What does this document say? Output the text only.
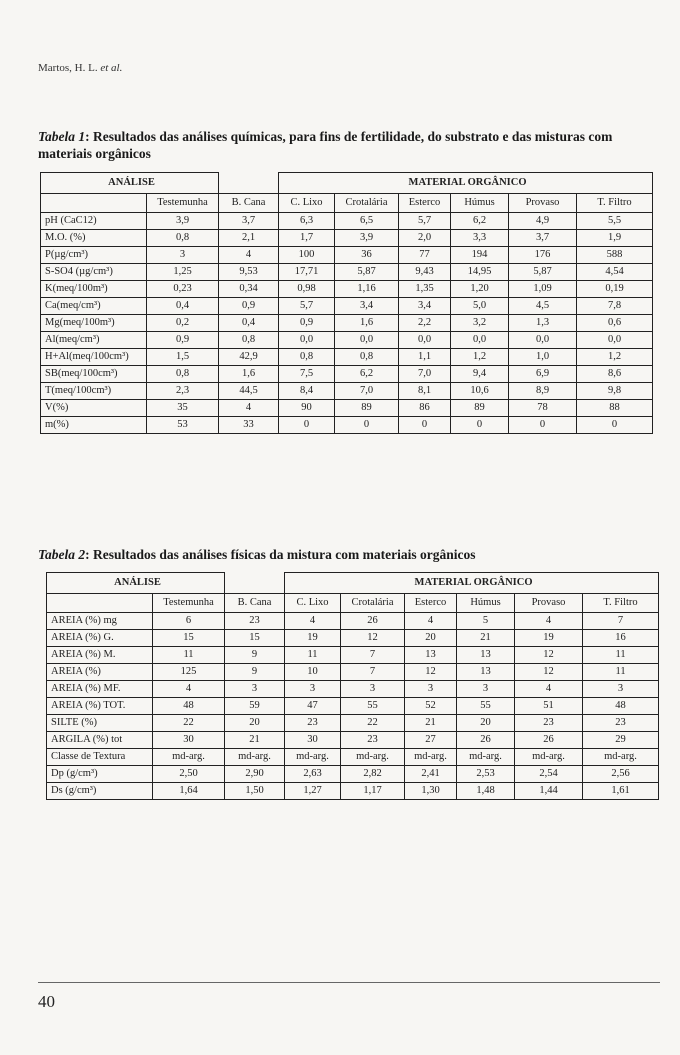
Martos, H. L. et al.
Tabela 1: Resultados das análises químicas, para fins de fertilidade, do substrato e das misturas com materiais orgânicos
ANÁLISE			MATERIAL ORGÂNICO					
	Testemunha	B. Cana	C. Lixo	Crotalária	Esterco	Húmus	Provaso	T. Filtro
pH (CaC12)	3,9	3,7	6,3	6,5	5,7	6,2	4,9	5,5
M.O. (%)	0,8	2,1	1,7	3,9	2,0	3,3	3,7	1,9
P(µg/cm³)	3	4	100	36	77	194	176	588
S-SO4 (µg/cm³)	1,25	9,53	17,71	5,87	9,43	14,95	5,87	4,54
K(meq/100m³)	0,23	0,34	0,98	1,16	1,35	1,20	1,09	0,19
Ca(meq/cm³)	0,4	0,9	5,7	3,4	3,4	5,0	4,5	7,8
Mg(meq/100m³)	0,2	0,4	0,9	1,6	2,2	3,2	1,3	0,6
Al(meq/cm³)	0,9	0,8	0,0	0,0	0,0	0,0	0,0	0,0
H+Al(meq/100cm³)	1,5	42,9	0,8	0,8	1,1	1,2	1,0	1,2
SB(meq/100cm³)	0,8	1,6	7,5	6,2	7,0	9,4	6,9	8,6
T(meq/100cm³)	2,3	44,5	8,4	7,0	8,1	10,6	8,9	9,8
V(%)	35	4	90	89	86	89	78	88
m(%)	53	33	0	0	0	0	0	0
Tabela 2: Resultados das análises físicas da mistura com materiais orgânicos
ANÁLISE			MATERIAL ORGÂNICO					
	Testemunha	B. Cana	C. Lixo	Crotalária	Esterco	Húmus	Provaso	T. Filtro
AREIA (%) mg	6	23	4	26	4	5	4	7
AREIA (%) G.	15	15	19	12	20	21	19	16
AREIA (%) M.	11	9	11	7	13	13	12	11
AREIA (%)	125	9	10	7	12	13	12	11
AREIA (%) MF.	4	3	3	3	3	3	4	3
AREIA (%) TOT.	48	59	47	55	52	55	51	48
SILTE (%)	22	20	23	22	21	20	23	23
ARGILA (%) tot	30	21	30	23	27	26	26	29
Classe de Textura	md-arg.	md-arg.	md-arg.	md-arg.	md-arg.	md-arg.	md-arg.	md-arg.
Dp (g/cm³)	2,50	2,90	2,63	2,82	2,41	2,53	2,54	2,56
Ds (g/cm³)	1,64	1,50	1,27	1,17	1,30	1,48	1,44	1,61
40
